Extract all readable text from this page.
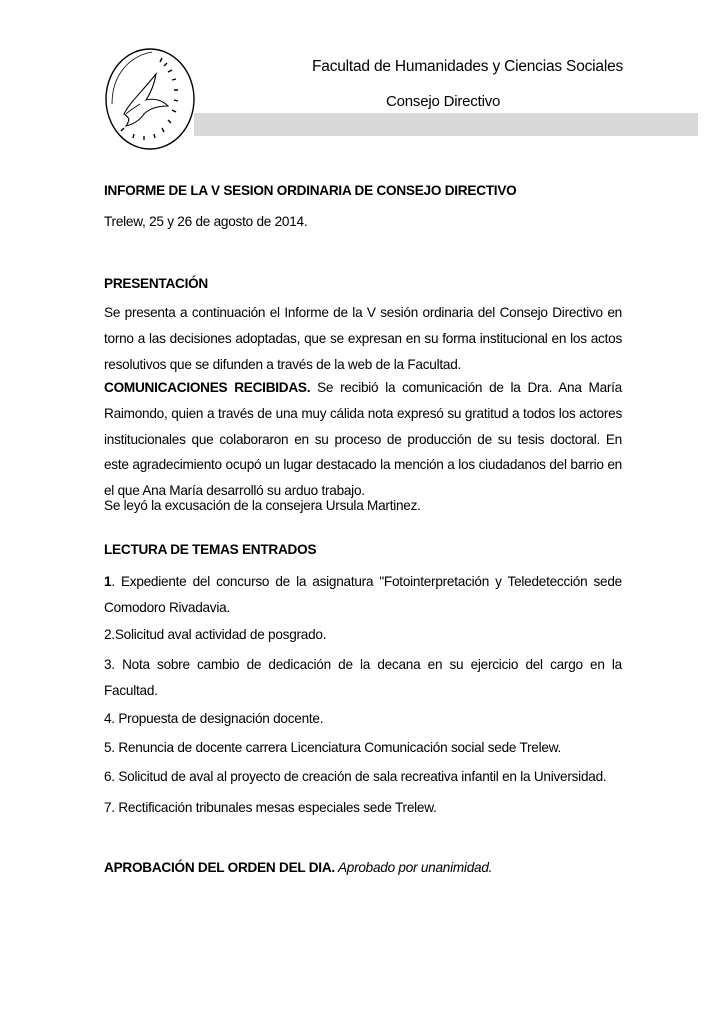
Facultad de Humanidades y Ciencias Sociales
Consejo Directivo
INFORME DE LA V SESION ORDINARIA DE CONSEJO DIRECTIVO
Trelew, 25 y 26 de agosto de 2014.
PRESENTACIÓN
Se presenta a continuación el Informe de la V sesión ordinaria del Consejo Directivo en torno a las decisiones adoptadas, que se expresan en su forma institucional en los actos resolutivos que se difunden a través de la web de la Facultad.
COMUNICACIONES RECIBIDAS. Se recibió la comunicación de la Dra. Ana María Raimondo, quien a través de una muy cálida nota expresó su gratitud a todos los actores institucionales que colaboraron en su proceso de producción de su tesis doctoral. En este agradecimiento ocupó un lugar destacado la mención a los ciudadanos del barrio en el que Ana María desarrolló su arduo trabajo.
Se leyó la excusación de la consejera Ursula Martinez.
LECTURA DE TEMAS ENTRADOS
1. Expediente del concurso de la asignatura "Fotointerpretación y Teledetección sede Comodoro Rivadavia.
2.Solicitud aval actividad de posgrado.
3. Nota sobre cambio de dedicación de la decana en su ejercicio del cargo en la Facultad.
4. Propuesta de designación docente.
5. Renuncia de docente carrera Licenciatura Comunicación social sede Trelew.
6. Solicitud de aval al proyecto de creación de sala recreativa infantil en la Universidad.
7. Rectificación tribunales mesas especiales sede Trelew.
APROBACIÓN DEL ORDEN DEL DIA. Aprobado por unanimidad.
